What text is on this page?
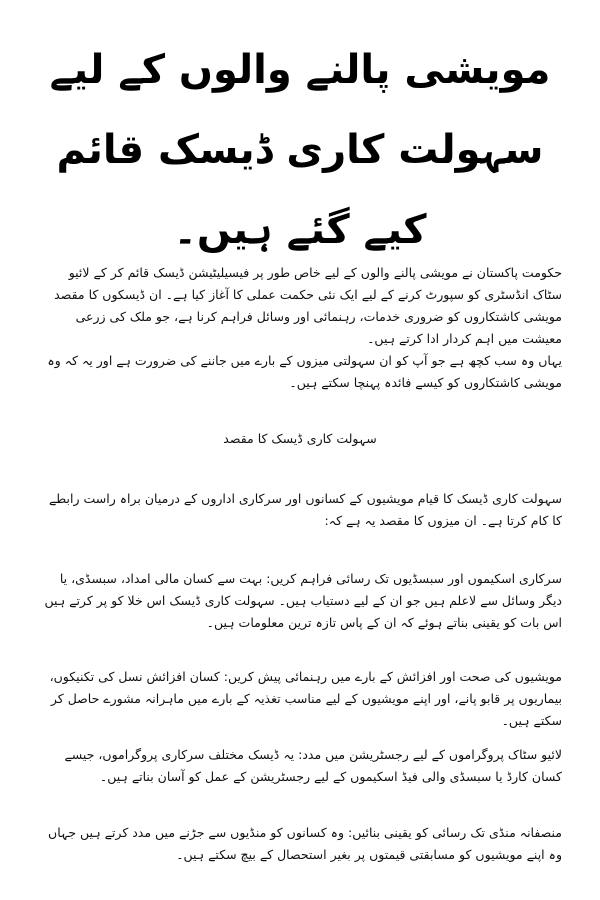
مویشی پالنے والوں کے لیے سہولت کاری ڈیسک قائم کیے گئے ہیں۔

حکومت پاکستان نے مویشی پالنے والوں کے لیے خاص طور پر فیسیلیٹیشن ڈیسک قائم کر کے لائیو سٹاک انڈسٹری کو سپورٹ کرنے کے لیے ایک نئی حکمت عملی کا آغاز کیا ہے۔ ان ڈیسکوں کا مقصد مویشی کاشتکاروں کو ضروری خدمات، رہنمائی اور وسائل فراہم کرنا ہے، جو ملک کی زرعی معیشت میں اہم کردار ادا کرتے ہیں۔

یہاں وہ سب کچھ ہے جو آپ کو ان سہولتی میزوں کے بارے میں جاننے کی ضرورت ہے اور یہ کہ وہ مویشی کاشتکاروں کو کیسے فائدہ پہنچا سکتے ہیں۔

سہولت کاری ڈیسک کا مقصد

سہولت کاری ڈیسک کا قیام مویشیوں کے کسانوں اور سرکاری اداروں کے درمیان براہ راست رابطے کا کام کرتا ہے۔ ان میزوں کا مقصد یہ ہے کہ:

سرکاری اسکیموں اور سبسڈیوں تک رسائی فراہم کریں: بہت سے کسان مالی امداد، سبسڈی، یا دیگر وسائل سے لاعلم ہیں جو ان کے لیے دستیاب ہیں۔ سہولت کاری ڈیسک اس خلا کو پر کرتے ہیں اس بات کو یقینی بناتے ہوئے کہ ان کے پاس تازہ ترین معلومات ہیں۔

مویشیوں کی صحت اور افزائش کے بارے میں رہنمائی پیش کریں: کسان افزائش نسل کی تکنیکوں، بیماریوں پر قابو پانے، اور اپنے مویشیوں کے لیے مناسب تغذیہ کے بارے میں ماہرانہ مشورے حاصل کر سکتے ہیں۔

لائیو سٹاک پروگراموں کے لیے رجسٹریشن میں مدد: یہ ڈیسک مختلف سرکاری پروگراموں، جیسے کسان کارڈ یا سبسڈی والی فیڈ اسکیموں کے لیے رجسٹریشن کے عمل کو آسان بناتے ہیں۔

منصفانہ منڈی تک رسائی کو یقینی بنائیں: وہ کسانوں کو منڈیوں سے جڑنے میں مدد کرتے ہیں جہاں وہ اپنے مویشیوں کو مسابقتی قیمتوں پر بغیر استحصال کے بیچ سکتے ہیں۔
